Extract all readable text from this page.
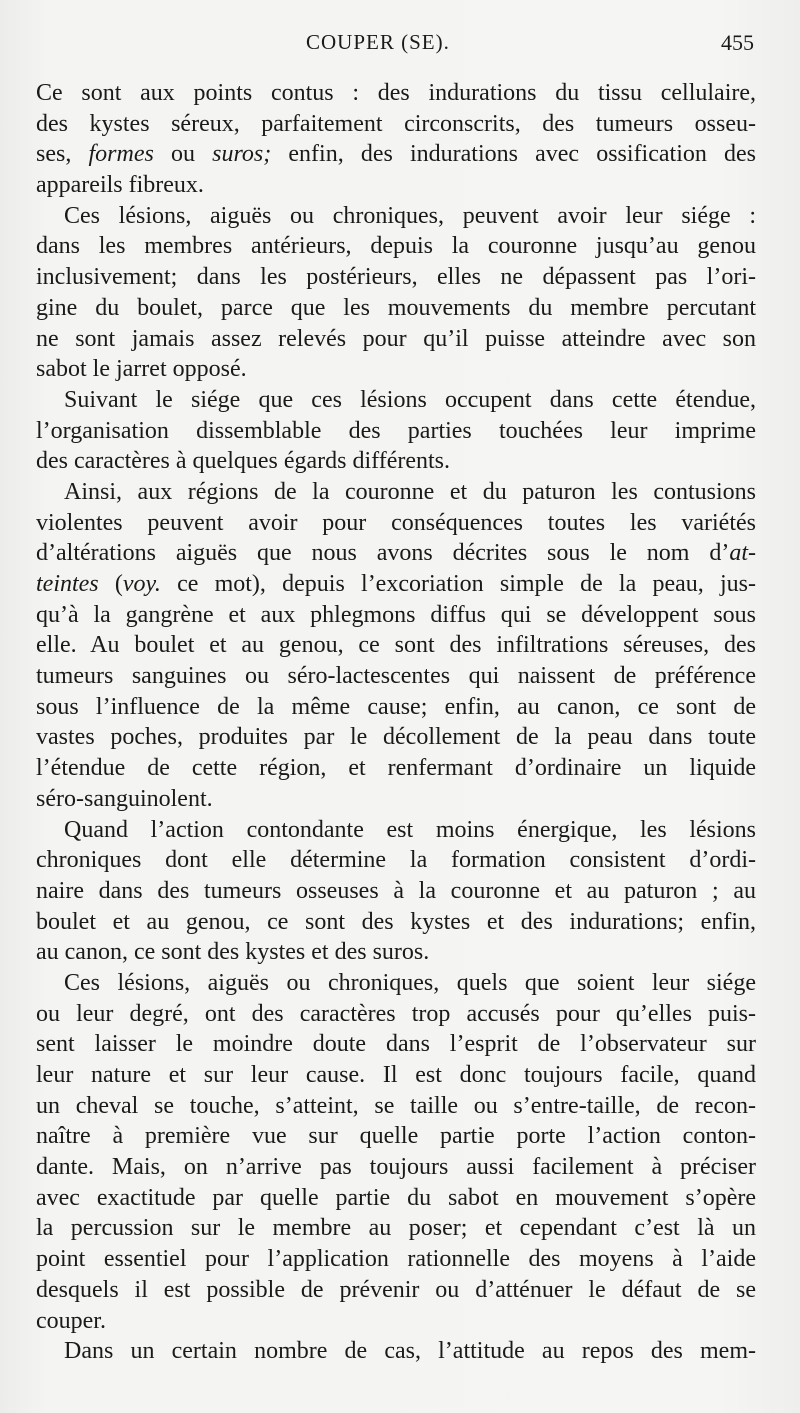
COUPER (SE).	455
Ce sont aux points contus : des indurations du tissu cellulaire,
des kystes séreux, parfaitement circonscrits, des tumeurs osseu-
ses, formes ou suros; enfin, des indurations avec ossification des
appareils fibreux.
Ces lésions, aiguës ou chroniques, peuvent avoir leur siége :
dans les membres antérieurs, depuis la couronne jusqu’au genou
inclusivement; dans les postérieurs, elles ne dépassent pas l’ori-
gine du boulet, parce que les mouvements du membre percutant
ne sont jamais assez relevés pour qu’il puisse atteindre avec son
sabot le jarret opposé.
Suivant le siége que ces lésions occupent dans cette étendue,
l’organisation dissemblable des parties touchées leur imprime
des caractères à quelques égards différents.
Ainsi, aux régions de la couronne et du paturon les contusions
violentes peuvent avoir pour conséquences toutes les variétés
d’altérations aiguës que nous avons décrites sous le nom d’at-
teintes (voy. ce mot), depuis l’excoriation simple de la peau, jus-
qu’à la gangrène et aux phlegmons diffus qui se développent sous
elle. Au boulet et au genou, ce sont des infiltrations séreuses, des
tumeurs sanguines ou séro-lactescentes qui naissent de préférence
sous l’influence de la même cause; enfin, au canon, ce sont de
vastes poches, produites par le décollement de la peau dans toute
l’étendue de cette région, et renfermant d’ordinaire un liquide
séro-sanguinolent.
Quand l’action contondante est moins énergique, les lésions
chroniques dont elle détermine la formation consistent d’ordi-
naire dans des tumeurs osseuses à la couronne et au paturon ; au
boulet et au genou, ce sont des kystes et des indurations; enfin,
au canon, ce sont des kystes et des suros.
Ces lésions, aiguës ou chroniques, quels que soient leur siége
ou leur degré, ont des caractères trop accusés pour qu’elles puis-
sent laisser le moindre doute dans l’esprit de l’observateur sur
leur nature et sur leur cause. Il est donc toujours facile, quand
un cheval se touche, s’atteint, se taille ou s’entre-taille, de recon-
naître à première vue sur quelle partie porte l’action conton-
dante. Mais, on n’arrive pas toujours aussi facilement à préciser
avec exactitude par quelle partie du sabot en mouvement s’opère
la percussion sur le membre au poser; et cependant c’est là un
point essentiel pour l’application rationnelle des moyens à l’aide
desquels il est possible de prévenir ou d’atténuer le défaut de se
couper.
Dans un certain nombre de cas, l’attitude au repos des mem-
